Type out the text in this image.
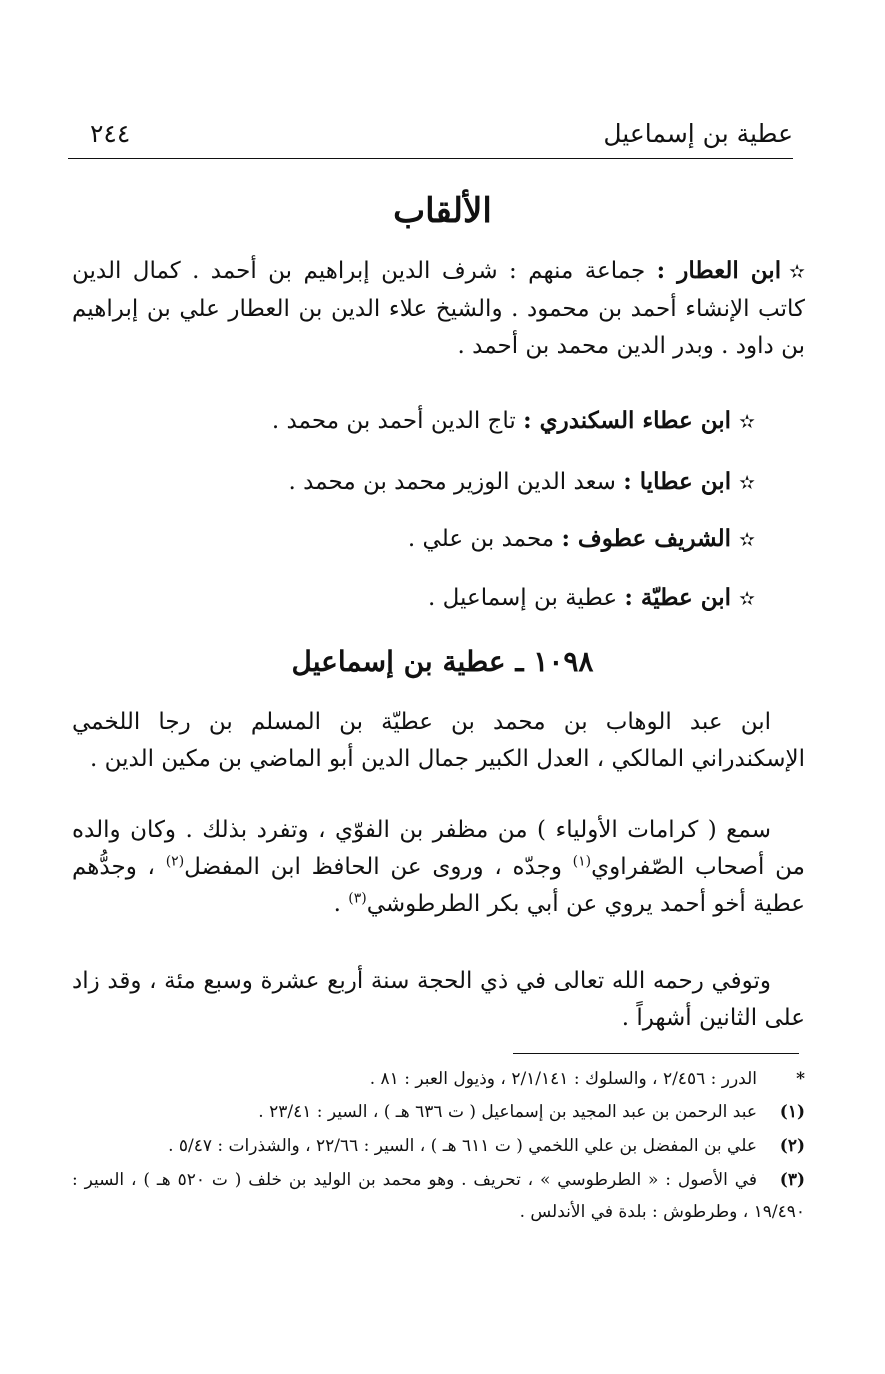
عطية بن إسماعيل
٢٤٤
الألقاب
✫ابن العطار : جماعة منهم : شرف الدين إبراهيم بن أحمد . كمال الدين كاتب الإنشاء أحمد بن محمود . والشيخ علاء الدين بن العطار علي بن إبراهيم بن داود . وبدر الدين محمد بن أحمد .
✫ابن عطاء السكندري : تاج الدين أحمد بن محمد .
✫ابن عطايا : سعد الدين الوزير محمد بن محمد .
✫الشريف عطوف : محمد بن علي .
✫ابن عطيّة : عطية بن إسماعيل .
١٠٩٨ ـ عطية بن إسماعيل
ابن عبد الوهاب بن محمد بن عطيّة بن المسلم بن رجا اللخمي الإسكندراني المالكي ، العدل الكبير جمال الدين أبو الماضي بن مكين الدين .
سمع ( كرامات الأولياء ) من مظفر بن الفوّي ، وتفرد بذلك . وكان والده من أصحاب الصّفراوي$^{(١)}$ وجدّه ، وروى عن الحافظ ابن المفضل$^{(٢)}$ ، وجدُّهم عطية أخو أحمد يروي عن أبي بكر الطرطوشي$^{(٣)}$ .
وتوفي رحمه الله تعالى في ذي الحجة سنة أربع عشرة وسبع مئة ، وقد زاد على الثانين أشهراً .
*الدرر : ٢/٤٥٦ ، والسلوك : ٢/١/١٤١ ، وذيول العبر : ٨١ .
(١)عبد الرحمن بن عبد المجيد بن إسماعيل ( ت ٦٣٦ هـ ) ، السير : ٢٣/٤١ .
(٢)علي بن المفضل بن علي اللخمي ( ت ٦١١ هـ ) ، السير : ٢٢/٦٦ ، والشذرات : ٥/٤٧ .
(٣)في الأصول : « الطرطوسي » ، تحريف . وهو محمد بن الوليد بن خلف ( ت ٥٢٠ هـ ) ، السير : ١٩/٤٩٠ ، وطرطوش : بلدة في الأندلس .
